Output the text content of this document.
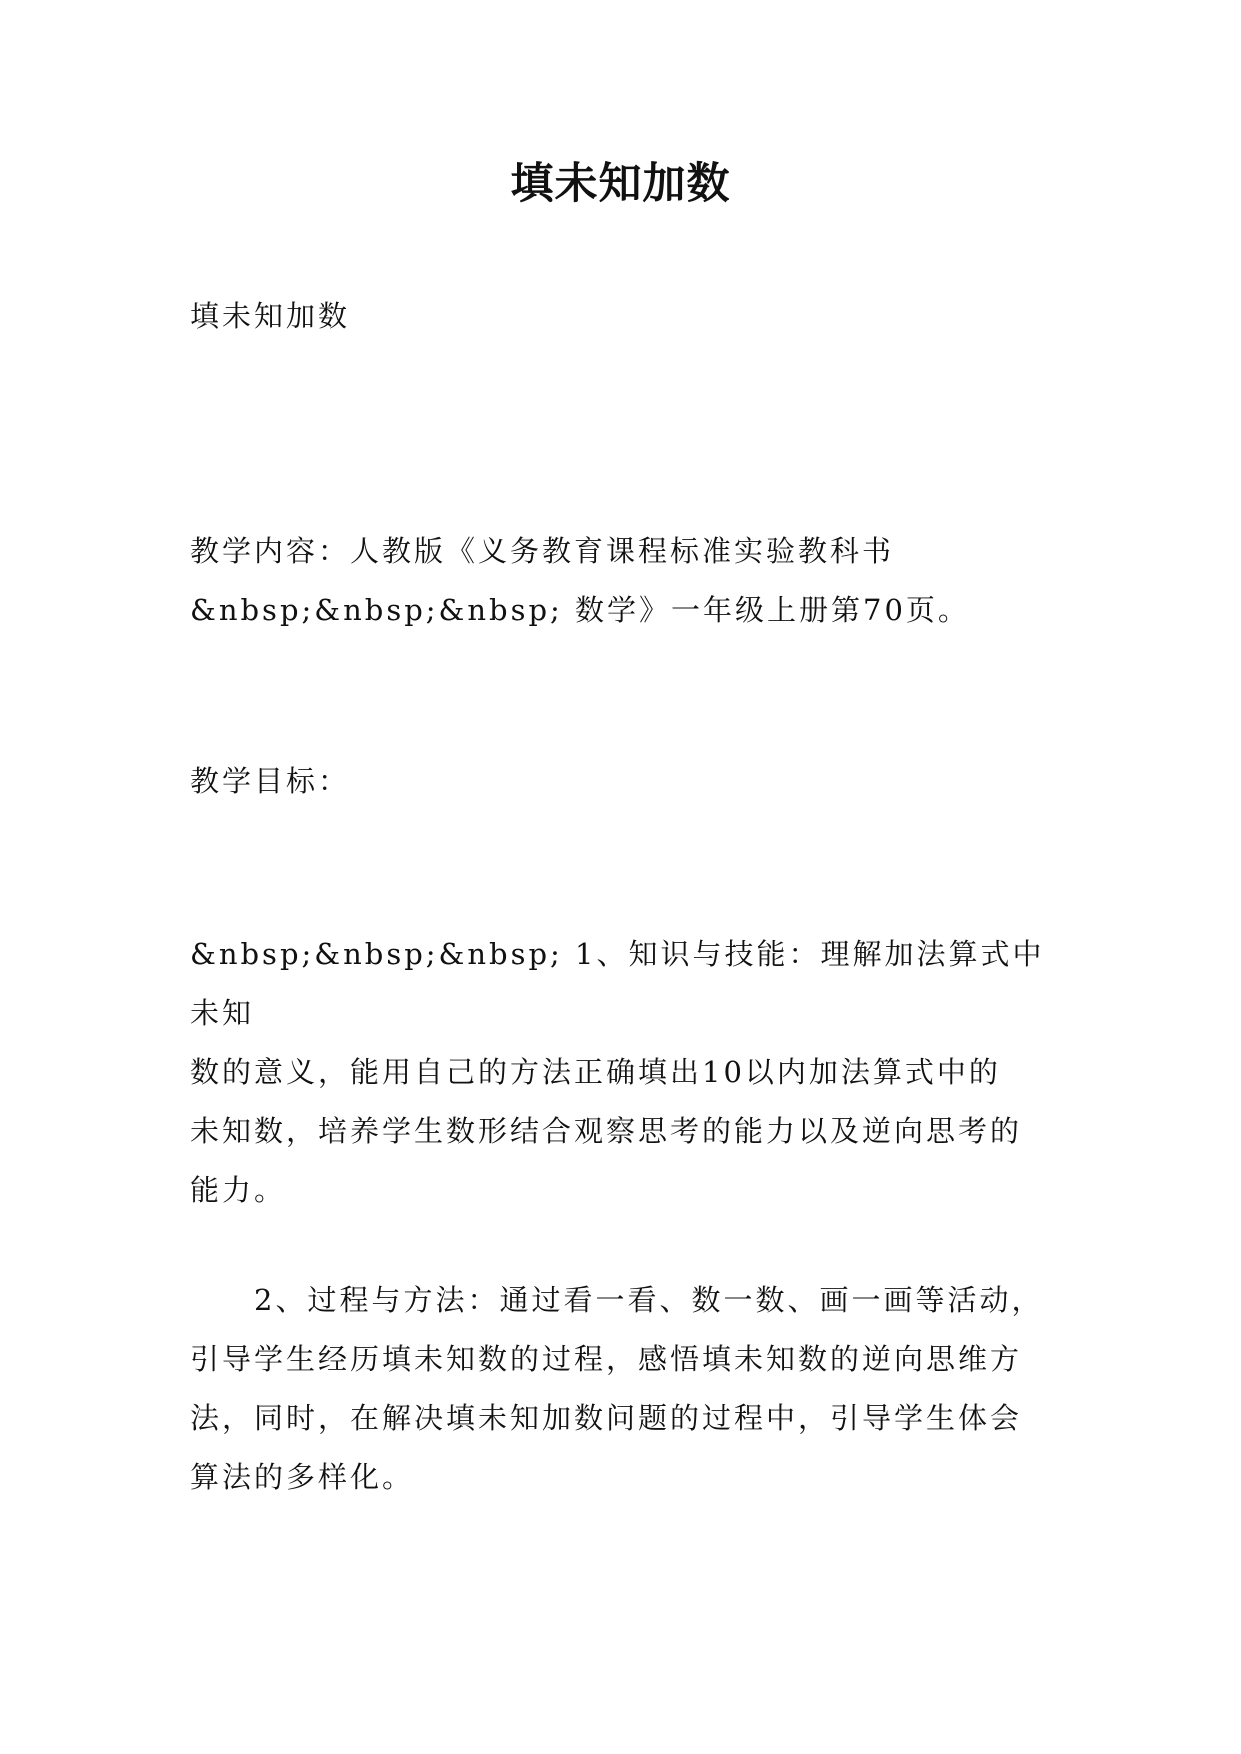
填未知加数

填未知加数

教学内容：人教版《义务教育课程标准实验教科书
&nbsp;&nbsp;&nbsp; 数学》一年级上册第70页。

教学目标：

&nbsp;&nbsp;&nbsp; 1、知识与技能：理解加法算式中未知
数的意义，能用自己的方法正确填出10以内加法算式中的
未知数，培养学生数形结合观察思考的能力以及逆向思考的
能力。
　　2、过程与方法：通过看一看、数一数、画一画等活动，
引导学生经历填未知数的过程，感悟填未知数的逆向思维方
法，同时，在解决填未知加数问题的过程中，引导学生体会
算法的多样化。
